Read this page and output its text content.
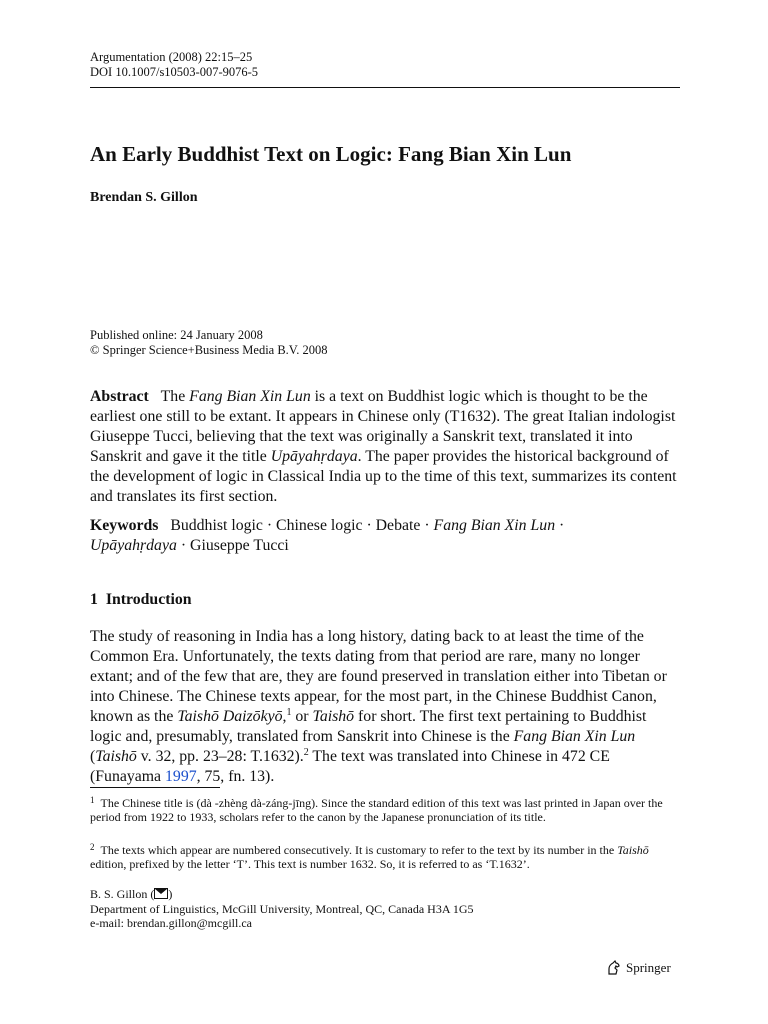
Argumentation (2008) 22:15–25
DOI 10.1007/s10503-007-9076-5
An Early Buddhist Text on Logic: Fang Bian Xin Lun
Brendan S. Gillon
Published online: 24 January 2008
© Springer Science+Business Media B.V. 2008
Abstract The Fang Bian Xin Lun is a text on Buddhist logic which is thought to be the earliest one still to be extant. It appears in Chinese only (T1632). The great Italian indologist Giuseppe Tucci, believing that the text was originally a Sanskrit text, translated it into Sanskrit and gave it the title Upāyahṛdaya. The paper provides the historical background of the development of logic in Classical India up to the time of this text, summarizes its content and translates its first section.
Keywords Buddhist logic · Chinese logic · Debate · Fang Bian Xin Lun ·
Upāyahṛdaya · Giuseppe Tucci
1 Introduction
The study of reasoning in India has a long history, dating back to at least the time of the Common Era. Unfortunately, the texts dating from that period are rare, many no longer extant; and of the few that are, they are found preserved in translation either into Tibetan or into Chinese. The Chinese texts appear, for the most part, in the Chinese Buddhist Canon, known as the Taishō Daizōkyō,$^1$ or Taishō for short. The first text pertaining to Buddhist logic and, presumably, translated from Sanskrit into Chinese is the Fang Bian Xin Lun (Taishō v. 32, pp. 23–28: T.1632).$^2$ The text was translated into Chinese in 472 CE (Funayama 1997, 75, fn. 13).
$^1$ The Chinese title is (dà -zhèng dà-záng-jīng). Since the standard edition of this text was last printed in Japan over the period from 1922 to 1933, scholars refer to the canon by the Japanese pronunciation of its title.
$^2$ The texts which appear are numbered consecutively. It is customary to refer to the text by its number in the Taishō edition, prefixed by the letter ‘T’. This text is number 1632. So, it is referred to as ‘T.1632’.
B. S. Gillon ( )
Department of Linguistics, McGill University, Montreal, QC, Canada H3A 1G5
e-mail: brendan.gillon@mcgill.ca
Springer
